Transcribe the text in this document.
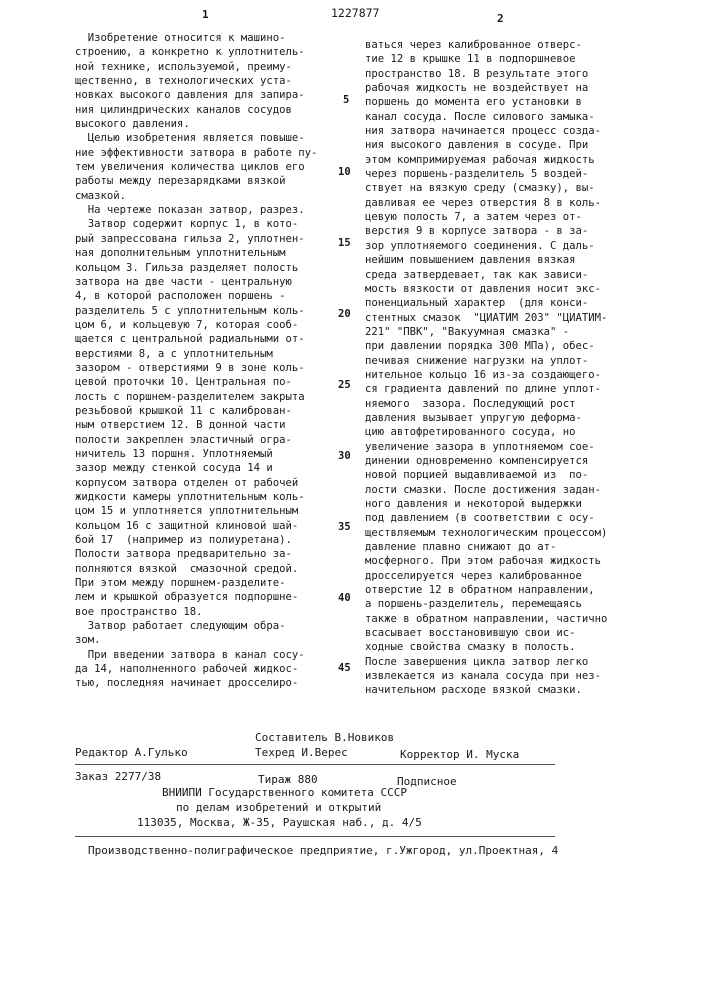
1	1227877	2
Изобретение относится к машино-
строению, а конкретно к уплотнитель-
ной технике, используемой, преиму-
щественно, в технологических уста-
новках высокого давления для запира-
ния цилиндрических каналов сосудов
высокого давления.
Целью изобретения является повыше-
ние эффективности затвора в работе пу-
тем увеличения количества циклов его
работы между перезарядками вязкой
смазкой.
На чертеже показан затвор, разрез.
Затвор содержит корпус 1, в кото-
рый запрессована гильза 2, уплотнен-
ная дополнительным уплотнительным
кольцом 3. Гильза разделяет полость
затвора на две части - центральную
4, в которой расположен поршень -
разделитель 5 с уплотнительным коль-
цом 6, и кольцевую 7, которая сооб-
щается с центральной радиальными от-
верстиями 8, а с уплотнительным
зазором - отверстиями 9 в зоне коль-
цевой проточки 10. Центральная по-
лость с поршнем-разделителем закрыта
резьбовой крышкой 11 с калиброван-
ным отверстием 12. В донной части
полости закреплен эластичный огра-
ничитель 13 поршня. Уплотняемый
зазор между стенкой сосуда 14 и
корпусом затвора отделен от рабочей
жидкости камеры уплотнительным коль-
цом 15 и уплотняется уплотнительным
кольцом 16 с защитной клиновой шай-
бой 17  (например из полиуретана).
Полости затвора предварительно за-
полняются вязкой  смазочной средой.
При этом между поршнем-разделите-
лем и крышкой образуется подпоршне-
вое пространство 18.
Затвор работает следующим обра-
зом.
При введении затвора в канал сосу-
да 14, наполненного рабочей жидкос-
тью, последняя начинает дросселиро-
5
10
15
20
25
30
35
40
45
ваться через калиброванное отверс-
тие 12 в крышке 11 в подпоршневое
пространство 18. В результате этого
рабочая жидкость не воздействует на
поршень до момента его установки в
канал сосуда. После силового замыка-
ния затвора начинается процесс созда-
ния высокого давления в сосуде. При
этом компримируемая рабочая жидкость
через поршень-разделитель 5 воздей-
ствует на вязкую среду (смазку), вы-
давливая ее через отверстия 8 в коль-
цевую полость 7, а затем через от-
верстия 9 в корпусе затвора - в за-
зор уплотняемого соединения. С даль-
нейшим повышением давления вязкая
среда затвердевает, так как зависи-
мость вязкости от давления носит экс-
поненциальный характер  (для конси-
стентных смазок  "ЦИАТИМ 203" "ЦИАТИМ-
221" "ПВК", "Вакуумная смазка" -
при давлении порядка 300 МПа), обес-
печивая снижение нагрузки на уплот-
нительное кольцо 16 из-за создающего-
ся градиента давлений по длине уплот-
няемого  зазора. Последующий рост
давления вызывает упругую деформа-
цию автофретированного сосуда, но
увеличение зазора в уплотняемом сое-
динении одновременно компенсируется
новой порцией выдавливаемой из  по-
лости смазки. После достижения задан-
ного давления и некоторой выдержки
под давлением (в соответствии с осу-
ществляемым технологическим процессом)
давление плавно снижают до ат-
мосферного. При этом рабочая жидкость
дросселируется через калиброванное
отверстие 12 в обратном направлении,
а поршень-разделитель, перемещаясь
также в обратном направлении, частично
всасывает восстановившую свои ис-
ходные свойства смазку в полость.
После завершения цикла затвор легко
извлекается из канала сосуда при нез-
начительном расходе вязкой смазки.
Составитель В.Новиков
Редактор А.Гулько	Техред И.Верес	Корректор И. Муска
Заказ 2277/38	Тираж 880	Подписное
ВНИИПИ Государственного комитета СССР
по делам изобретений и открытий
113035, Москва, Ж-35, Раушская наб., д. 4/5
Производственно-полиграфическое предприятие, г.Ужгород, ул.Проектная, 4
